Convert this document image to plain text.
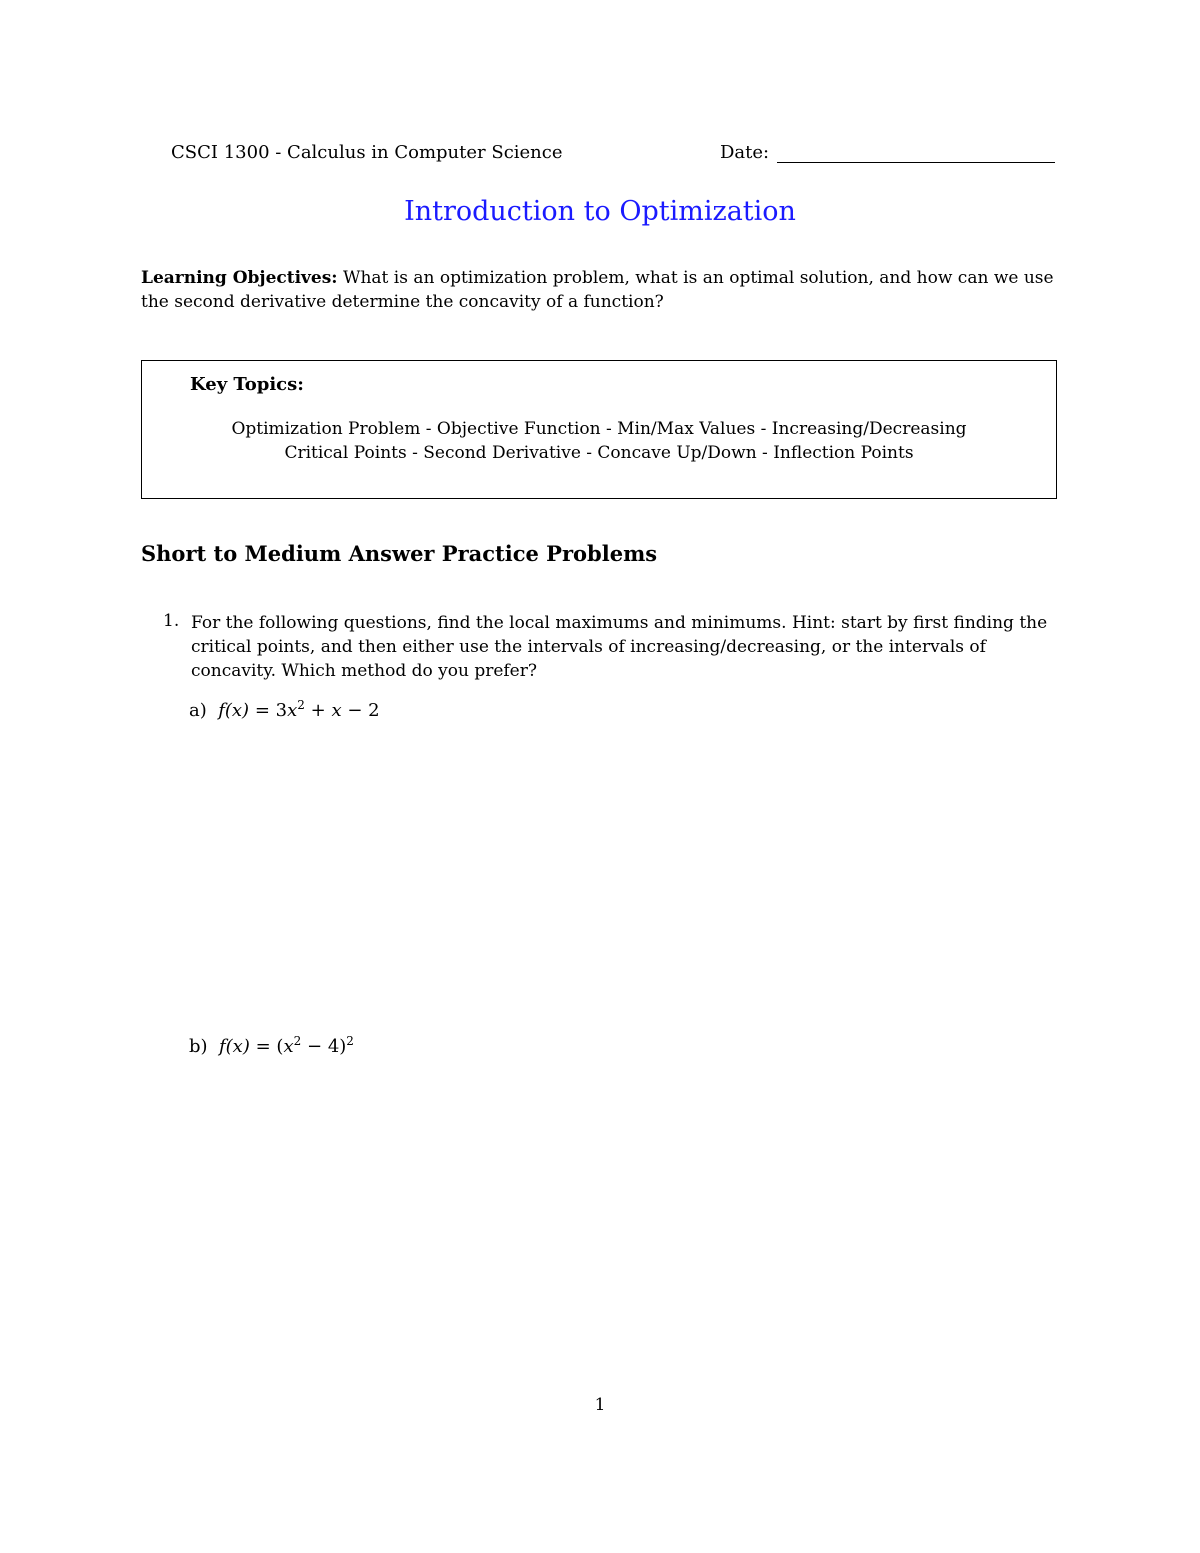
CSCI 1300 - Calculus in Computer Science	Date:
Introduction to Optimization
Learning Objectives: What is an optimization problem, what is an optimal solution, and how can we use the second derivative determine the concavity of a function?
Key Topics:
Optimization Problem - Objective Function - Min/Max Values - Increasing/Decreasing
Critical Points - Second Derivative - Concave Up/Down - Inflection Points
Short to Medium Answer Practice Problems
1. For the following questions, find the local maximums and minimums. Hint: start by first finding the critical points, and then either use the intervals of increasing/decreasing, or the intervals of concavity. Which method do you prefer?
a) $f(x) = 3x^2 + x - 2$
b) $f(x) = (x^2 - 4)^2$
1
